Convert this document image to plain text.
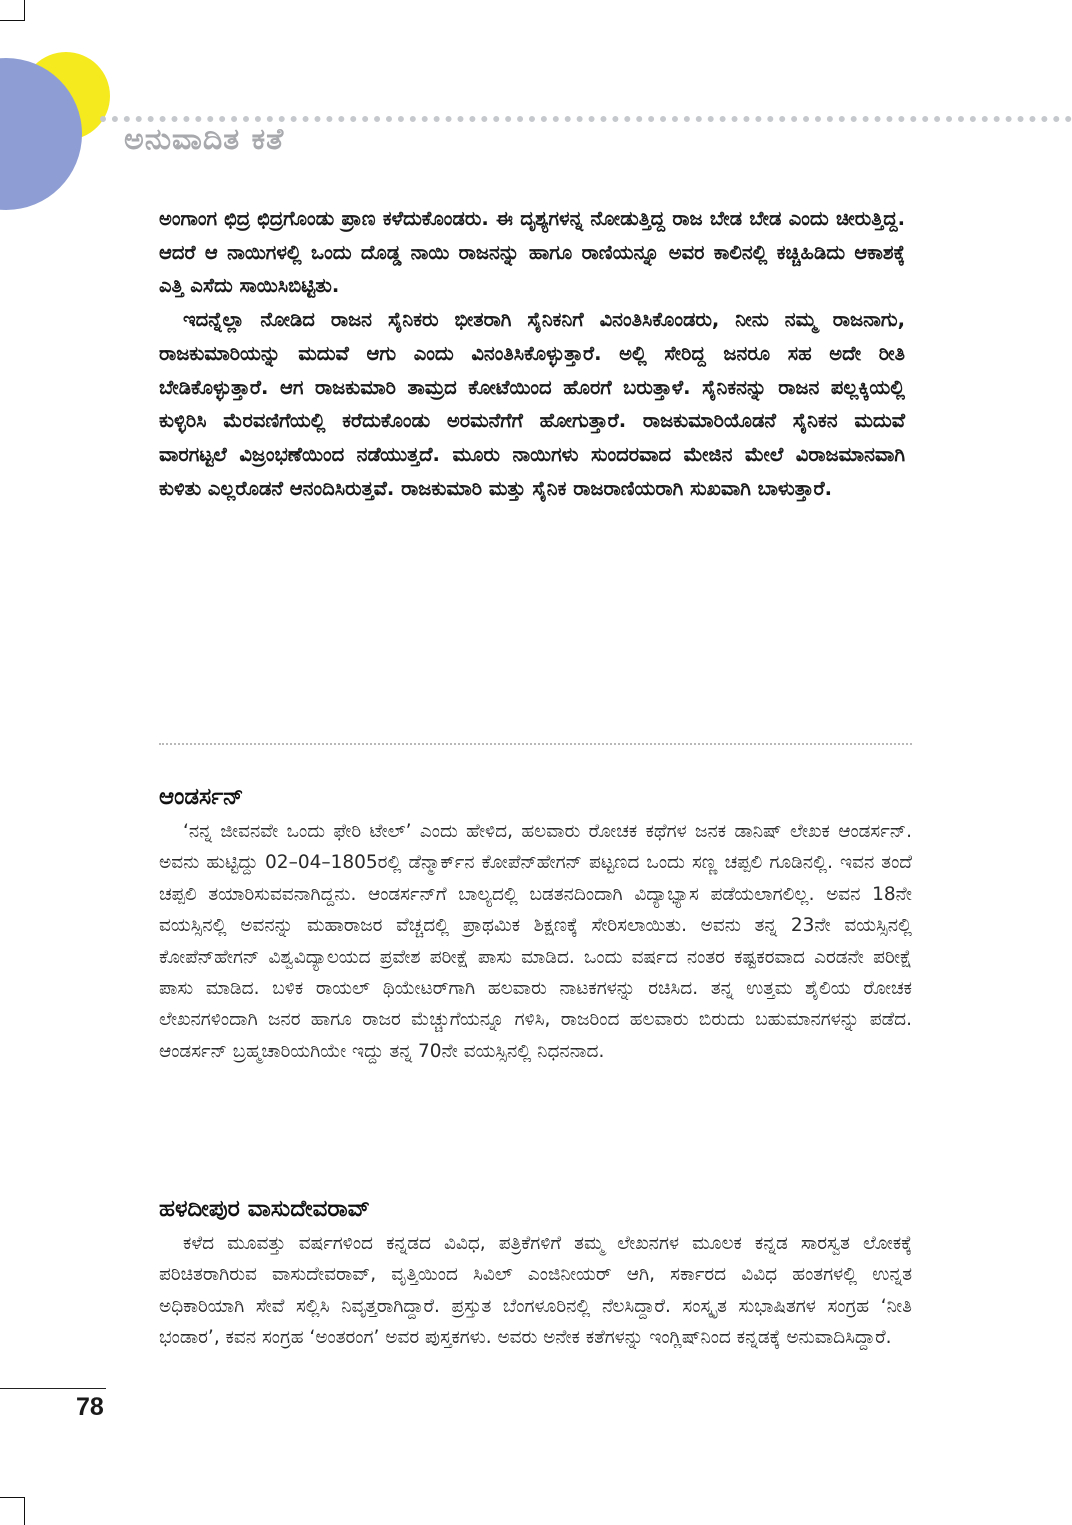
ಅನುವಾದಿತ ಕತೆ

ಅಂಗಾಂಗ ಛಿದ್ರ ಛಿದ್ರಗೊಂಡು ಪ್ರಾಣ ಕಳೆದುಕೊಂಡರು. ಈ ದೃಶ್ಯಗಳನ್ನ ನೋಡುತ್ತಿದ್ದ ರಾಜ ಬೇಡ ಬೇಡ ಎಂದು ಚೀರುತ್ತಿದ್ದ. ಆದರೆ ಆ ನಾಯಿಗಳಲ್ಲಿ ಒಂದು ದೊಡ್ಡ ನಾಯಿ ರಾಜನನ್ನು ಹಾಗೂ ರಾಣಿಯನ್ನೂ ಅವರ ಕಾಲಿನಲ್ಲಿ ಕಚ್ಚಿಹಿಡಿದು ಆಕಾಶಕ್ಕೆ ಎತ್ತಿ ಎಸೆದು ಸಾಯಿಸಿಬಿಟ್ಟಿತು.

ಇದನ್ನೆಲ್ಲಾ ನೋಡಿದ ರಾಜನ ಸೈನಿಕರು ಭೀತರಾಗಿ ಸೈನಿಕನಿಗೆ ವಿನಂತಿಸಿಕೊಂಡರು, ನೀನು ನಮ್ಮ ರಾಜನಾಗು, ರಾಜಕುಮಾರಿಯನ್ನು ಮದುವೆ ಆಗು ಎಂದು ವಿನಂತಿಸಿಕೊಳ್ಳುತ್ತಾರೆ. ಅಲ್ಲಿ ಸೇರಿದ್ದ ಜನರೂ ಸಹ ಅದೇ ರೀತಿ ಬೇಡಿಕೊಳ್ಳುತ್ತಾರೆ. ಆಗ ರಾಜಕುಮಾರಿ ತಾಮ್ರದ ಕೋಟೆಯಿಂದ ಹೊರಗೆ ಬರುತ್ತಾಳೆ. ಸೈನಿಕನನ್ನು ರಾಜನ ಪಲ್ಲಕ್ಕಿಯಲ್ಲಿ ಕುಳ್ಳಿರಿಸಿ ಮೆರವಣಿಗೆಯಲ್ಲಿ ಕರೆದುಕೊಂಡು ಅರಮನೆಗೆಗೆ ಹೋಗುತ್ತಾರೆ. ರಾಜಕುಮಾರಿಯೊಡನೆ ಸೈನಿಕನ ಮದುವೆ ವಾರಗಟ್ಟಲೆ ವಿಜ್ರಂಭಣೆಯಿಂದ ನಡೆಯುತ್ತದೆ. ಮೂರು ನಾಯಿಗಳು ಸುಂದರವಾದ ಮೇಜಿನ ಮೇಲೆ ವಿರಾಜಮಾನವಾಗಿ ಕುಳಿತು ಎಲ್ಲರೊಡನೆ ಆನಂದಿಸಿರುತ್ತವೆ. ರಾಜಕುಮಾರಿ ಮತ್ತು ಸೈನಿಕ ರಾಜರಾಣಿಯರಾಗಿ ಸುಖವಾಗಿ ಬಾಳುತ್ತಾರೆ.

ಆಂಡರ್ಸನ್

‘ನನ್ನ ಜೀವನವೇ ಒಂದು ಫೇರಿ ಟೇಲ್’ ಎಂದು ಹೇಳಿದ, ಹಲವಾರು ರೋಚಕ ಕಥೆಗಳ ಜನಕ ಡಾನಿಷ್ ಲೇಖಕ ಆಂಡರ್ಸನ್. ಅವನು ಹುಟ್ಟಿದ್ದು 02–04–1805ರಲ್ಲಿ ಡೆನ್ಮಾರ್ಕ್‌ನ ಕೋಪೆನ್‌ಹೇಗನ್ ಪಟ್ಟಣದ ಒಂದು ಸಣ್ಣ ಚಪ್ಪಲಿ ಗೂಡಿನಲ್ಲಿ. ಇವನ ತಂದೆ ಚಪ್ಪಲಿ ತಯಾರಿಸುವವನಾಗಿದ್ದನು. ಆಂಡರ್ಸನ್‌ಗೆ ಬಾಲ್ಯದಲ್ಲಿ ಬಡತನದಿಂದಾಗಿ ವಿದ್ಯಾಭ್ಯಾಸ ಪಡೆಯಲಾಗಲಿಲ್ಲ. ಅವನ 18ನೇ ವಯಸ್ಸಿನಲ್ಲಿ ಅವನನ್ನು ಮಹಾರಾಜರ ವೆಚ್ಚದಲ್ಲಿ ಪ್ರಾಥಮಿಕ ಶಿಕ್ಷಣಕ್ಕೆ ಸೇರಿಸಲಾಯಿತು. ಅವನು ತನ್ನ 23ನೇ ವಯಸ್ಸಿನಲ್ಲಿ ಕೋಪೆನ್‌ಹೇಗನ್ ವಿಶ್ವವಿದ್ಯಾಲಯದ ಪ್ರವೇಶ ಪರೀಕ್ಷೆ ಪಾಸು ಮಾಡಿದ. ಒಂದು ವರ್ಷದ ನಂತರ ಕಷ್ಟಕರವಾದ ಎರಡನೇ ಪರೀಕ್ಷೆ ಪಾಸು ಮಾಡಿದ. ಬಳಿಕ ರಾಯಲ್ ಥಿಯೇಟರ್‌ಗಾಗಿ ಹಲವಾರು ನಾಟಕಗಳನ್ನು ರಚಿಸಿದ. ತನ್ನ ಉತ್ತಮ ಶೈಲಿಯ ರೋಚಕ ಲೇಖನಗಳಿಂದಾಗಿ ಜನರ ಹಾಗೂ ರಾಜರ ಮೆಚ್ಚುಗೆಯನ್ನೂ ಗಳಿಸಿ, ರಾಜರಿಂದ ಹಲವಾರು ಬಿರುದು ಬಹುಮಾನಗಳನ್ನು ಪಡೆದ. ಆಂಡರ್ಸನ್ ಬ್ರಹ್ಮಚಾರಿಯಗಿಯೇ ಇದ್ದು ತನ್ನ 70ನೇ ವಯಸ್ಸಿನಲ್ಲಿ ನಿಧನನಾದ.

ಹಳದೀಪುರ ವಾಸುದೇವರಾವ್

ಕಳೆದ ಮೂವತ್ತು ವರ್ಷಗಳಿಂದ ಕನ್ನಡದ ವಿವಿಧ, ಪತ್ರಿಕೆಗಳಿಗೆ ತಮ್ಮ ಲೇಖನಗಳ ಮೂಲಕ ಕನ್ನಡ ಸಾರಸ್ವತ ಲೋಕಕ್ಕೆ ಪರಿಚಿತರಾಗಿರುವ ವಾಸುದೇವರಾವ್, ವೃತ್ತಿಯಿಂದ ಸಿವಿಲ್ ಎಂಜಿನೀಯರ್ ಆಗಿ, ಸರ್ಕಾರದ ವಿವಿಧ ಹಂತಗಳಲ್ಲಿ ಉನ್ನತ ಅಧಿಕಾರಿಯಾಗಿ ಸೇವೆ ಸಲ್ಲಿಸಿ ನಿವೃತ್ತರಾಗಿದ್ದಾರೆ. ಪ್ರಸ್ತುತ ಬೆಂಗಳೂರಿನಲ್ಲಿ ನೆಲಸಿದ್ದಾರೆ. ಸಂಸ್ಕೃತ ಸುಭಾಷಿತಗಳ ಸಂಗ್ರಹ ‘ನೀತಿ ಭಂಡಾರ’, ಕವನ ಸಂಗ್ರಹ ‘ಅಂತರಂಗ’ ಅವರ ಪುಸ್ತಕಗಳು. ಅವರು ಅನೇಕ ಕತೆಗಳನ್ನು ಇಂಗ್ಲಿಷ್‌ನಿಂದ ಕನ್ನಡಕ್ಕೆ ಅನುವಾದಿಸಿದ್ದಾರೆ.

78
